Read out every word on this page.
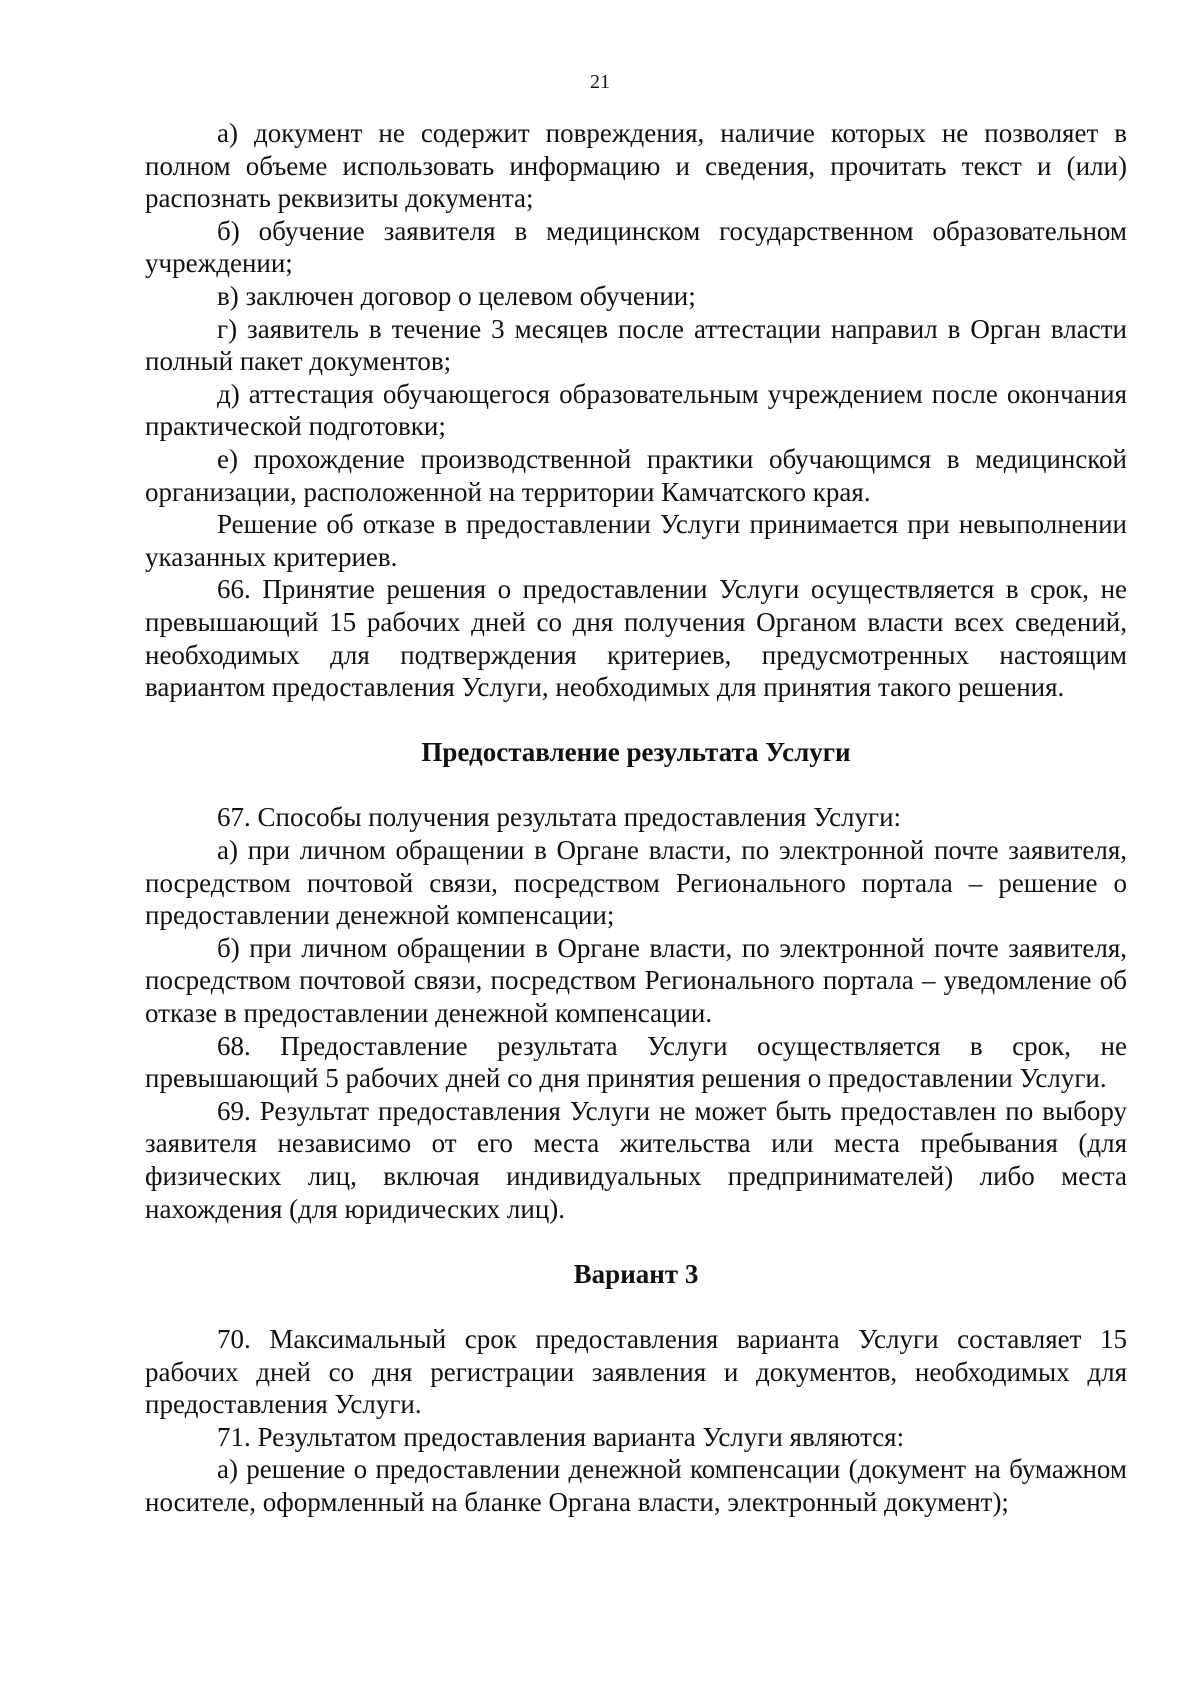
21

а) документ не содержит повреждения, наличие которых не позволяет в полном объеме использовать информацию и сведения, прочитать текст и (или) распознать реквизиты документа;

б) обучение заявителя в медицинском государственном образовательном учреждении;

в) заключен договор о целевом обучении;

г) заявитель в течение 3 месяцев после аттестации направил в Орган власти полный пакет документов;

д) аттестация обучающегося образовательным учреждением после окончания практической подготовки;

е) прохождение производственной практики обучающимся в медицинской организации, расположенной на территории Камчатского края.

Решение об отказе в предоставлении Услуги принимается при невыполнении указанных критериев.

66. Принятие решения о предоставлении Услуги осуществляется в срок, не превышающий 15 рабочих дней со дня получения Органом власти всех сведений, необходимых для подтверждения критериев, предусмотренных настоящим вариантом предоставления Услуги, необходимых для принятия такого решения.

Предоставление результата Услуги

67. Способы получения результата предоставления Услуги:

а) при личном обращении в Органе власти, по электронной почте заявителя, посредством почтовой связи, посредством Регионального портала – решение о предоставлении денежной компенсации;

б) при личном обращении в Органе власти, по электронной почте заявителя, посредством почтовой связи, посредством Регионального портала – уведомление об отказе в предоставлении денежной компенсации.

68. Предоставление результата Услуги осуществляется в срок, не превышающий 5 рабочих дней со дня принятия решения о предоставлении Услуги.

69. Результат предоставления Услуги не может быть предоставлен по выбору заявителя независимо от его места жительства или места пребывания (для физических лиц, включая индивидуальных предпринимателей) либо места нахождения (для юридических лиц).

Вариант 3

70. Максимальный срок предоставления варианта Услуги составляет 15 рабочих дней со дня регистрации заявления и документов, необходимых для предоставления Услуги.

71. Результатом предоставления варианта Услуги являются:

а) решение о предоставлении денежной компенсации (документ на бумажном носителе, оформленный на бланке Органа власти, электронный документ);
